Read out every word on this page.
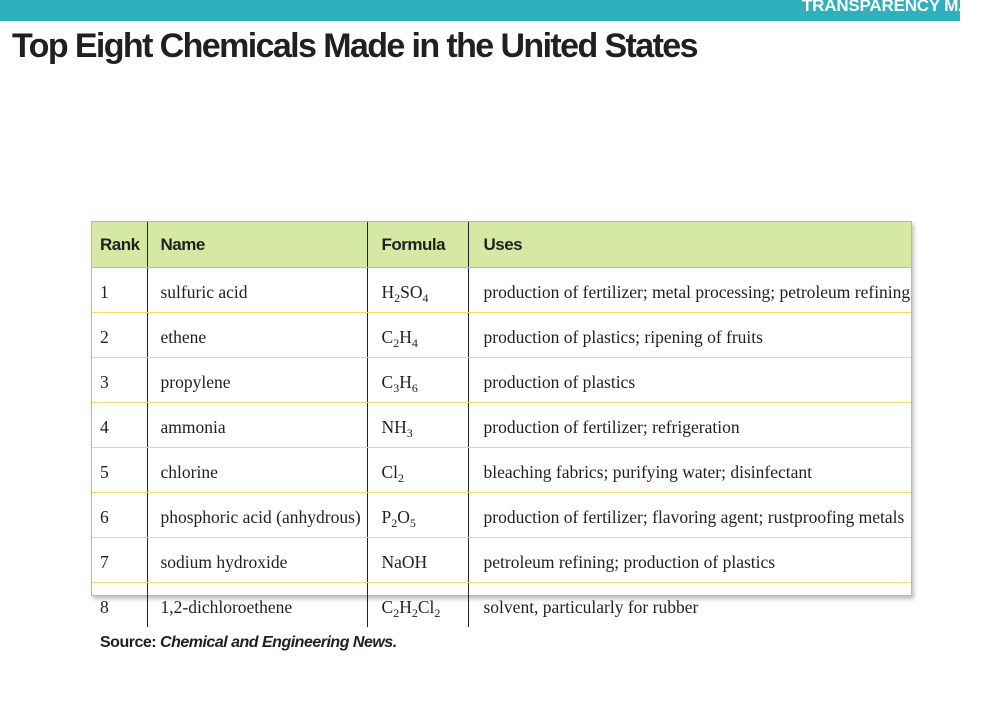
TRANSPARENCY MAS
Top Eight Chemicals Made in the United States
Rank	Name	Formula	Uses
1	sulfuric acid	$H_2SO_4$	production of fertilizer; metal processing; petroleum refining
2	ethene	$C_2H_4$	production of plastics; ripening of fruits
3	propylene	$C_3H_6$	production of plastics
4	ammonia	$NH_3$	production of fertilizer; refrigeration
5	chlorine	$Cl_2$	bleaching fabrics; purifying water; disinfectant
6	phosphoric acid (anhydrous)	$P_2O_5$	production of fertilizer; flavoring agent; rustproofing metals
7	sodium hydroxide	NaOH	petroleum refining; production of plastics
8	1,2-dichloroethene	$C_2H_2Cl_2$	solvent, particularly for rubber
Source: Chemical and Engineering News.
